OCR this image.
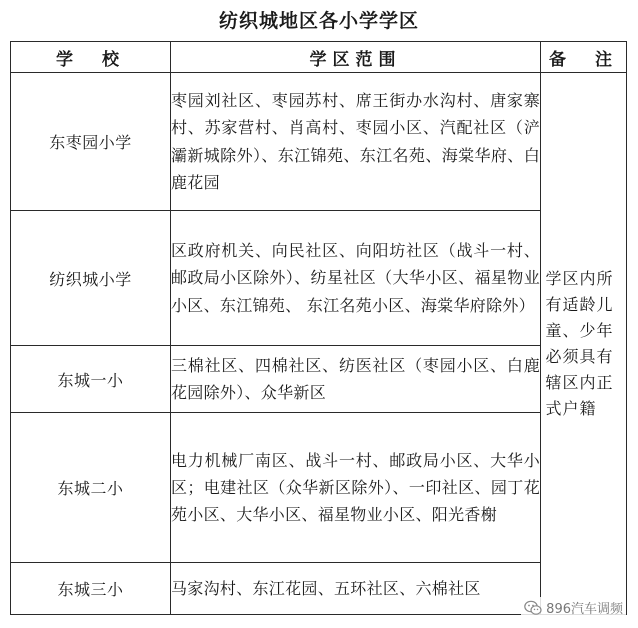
纺织城地区各小学学区
学　校	学区范围	备　注
东枣园小学	枣园刘社区、枣园苏村、席王街办水沟村、唐家寨村、苏家营村、肖高村、枣园小区、汽配社区（浐灞新城除外）、东江锦苑、东江名苑、海棠华府、白鹿花园	学区内所有适龄儿童、少年必须具有辖区内正式户籍
纺织城小学	区政府机关、向民社区、向阳坊社区（战斗一村、邮政局小区除外）、纺星社区（大华小区、福星物业小区、东江锦苑、 东江名苑小区、海棠华府除外）	
东城一小	三棉社区、四棉社区、纺医社区（枣园小区、白鹿花园除外）、众华新区	
东城二小	电力机械厂南区、战斗一村、邮政局小区、大华小区；电建社区（众华新区除外）、一印社区、园丁花苑小区、大华小区、福星物业小区、阳光香榭	
东城三小	马家沟村、东江花园、五环社区、六棉社区	
896汽车调频
